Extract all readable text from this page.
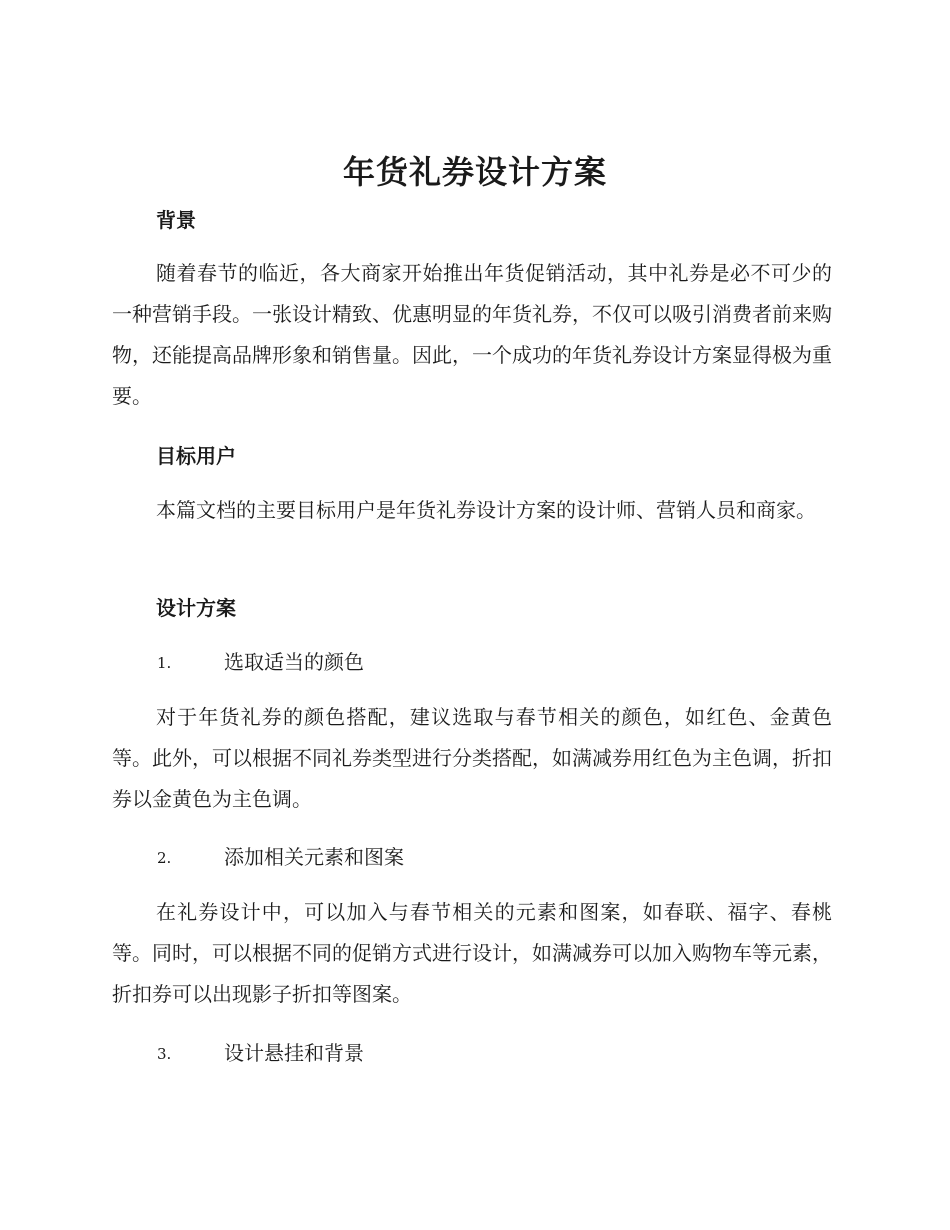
年货礼券设计方案
背景

随着春节的临近，各大商家开始推出年货促销活动，其中礼券是必不可少的一种营销手段。一张设计精致、优惠明显的年货礼券，不仅可以吸引消费者前来购物，还能提高品牌形象和销售量。因此，一个成功的年货礼券设计方案显得极为重要。

目标用户

本篇文档的主要目标用户是年货礼券设计方案的设计师、营销人员和商家。

设计方案
1.	选取适当的颜色

对于年货礼券的颜色搭配，建议选取与春节相关的颜色，如红色、金黄色等。此外，可以根据不同礼券类型进行分类搭配，如满减券用红色为主色调，折扣券以金黄色为主色调。

2.	添加相关元素和图案

在礼券设计中，可以加入与春节相关的元素和图案，如春联、福字、春桃等。同时，可以根据不同的促销方式进行设计，如满减券可以加入购物车等元素，折扣券可以出现影子折扣等图案。

3.	设计悬挂和背景
